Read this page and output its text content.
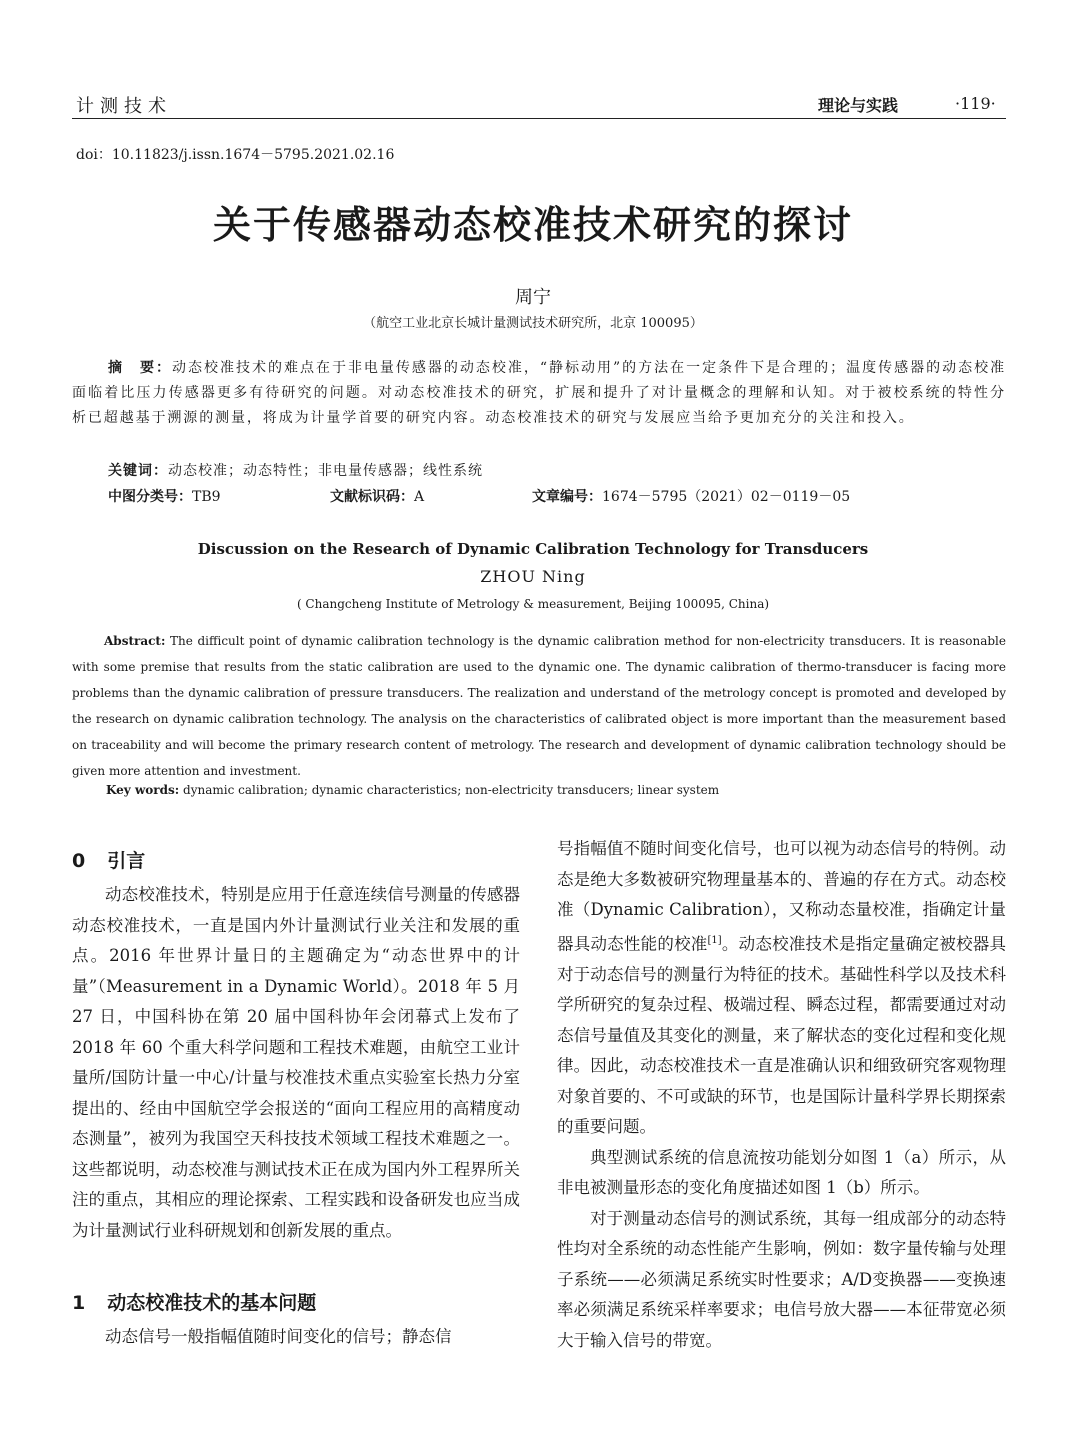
计测技术	理论与实践	·119·
doi：10.11823/j.issn.1674－5795.2021.02.16
关于传感器动态校准技术研究的探讨
周宁
（航空工业北京长城计量测试技术研究所，北京 100095）
摘　要：动态校准技术的难点在于非电量传感器的动态校准，“静标动用”的方法在一定条件下是合理的；温度传感器的动态校准面临着比压力传感器更多有待研究的问题。对动态校准技术的研究，扩展和提升了对计量概念的理解和认知。对于被校系统的特性分析已超越基于溯源的测量，将成为计量学首要的研究内容。动态校准技术的研究与发展应当给予更加充分的关注和投入。
关键词：动态校准；动态特性；非电量传感器；线性系统
中图分类号：TB9	文献标识码：A	文章编号：1674－5795（2021）02－0119－05
Discussion on the Research of Dynamic Calibration Technology for Transducers
ZHOU Ning
( Changcheng Institute of Metrology & measurement, Beijing 100095, China)
Abstract: The difficult point of dynamic calibration technology is the dynamic calibration method for non-electricity transducers. It is reasonable with some premise that results from the static calibration are used to the dynamic one. The dynamic calibration of thermo-transducer is facing more problems than the dynamic calibration of pressure transducers. The realization and understand of the metrology concept is promoted and developed by the research on dynamic calibration technology. The analysis on the characteristics of calibrated object is more important than the measurement based on traceability and will become the primary research content of metrology. The research and development of dynamic calibration technology should be given more attention and investment.
Key words: dynamic calibration; dynamic characteristics; non-electricity transducers; linear system
0 引言

动态校准技术，特别是应用于任意连续信号测量的传感器动态校准技术，一直是国内外计量测试行业关注和发展的重点。2016 年世界计量日的主题确定为“动态世界中的计量”（Measurement in a Dynamic World）。2018 年 5 月 27 日，中国科协在第 20 届中国科协年会闭幕式上发布了 2018 年 60 个重大科学问题和工程技术难题，由航空工业计量所/国防计量一中心/计量与校准技术重点实验室长热力分室提出的、经由中国航空学会报送的“面向工程应用的高精度动态测量”，被列为我国空天科技技术领域工程技术难题之一。这些都说明，动态校准与测试技术正在成为国内外工程界所关注的重点，其相应的理论探索、工程实践和设备研发也应当成为计量测试行业科研规划和创新发展的重点。

1 动态校准技术的基本问题

动态信号一般指幅值随时间变化的信号；静态信

号指幅值不随时间变化信号，也可以视为动态信号的特例。动态是绝大多数被研究物理量基本的、普遍的存在方式。动态校准（Dynamic Calibration），又称动态量校准，指确定计量器具动态性能的校准[1]。动态校准技术是指定量确定被校器具对于动态信号的测量行为特征的技术。基础性科学以及技术科学所研究的复杂过程、极端过程、瞬态过程，都需要通过对动态信号量值及其变化的测量，来了解状态的变化过程和变化规律。因此，动态校准技术一直是准确认识和细致研究客观物理对象首要的、不可或缺的环节，也是国际计量科学界长期探索的重要问题。

典型测试系统的信息流按功能划分如图 1（a）所示，从非电被测量形态的变化角度描述如图 1（b）所示。

对于测量动态信号的测试系统，其每一组成部分的动态特性均对全系统的动态性能产生影响，例如：数字量传输与处理子系统——必须满足系统实时性要求；A/D变换器——变换速率必须满足系统采样率要求；电信号放大器——本征带宽必须大于输入信号的带宽。
